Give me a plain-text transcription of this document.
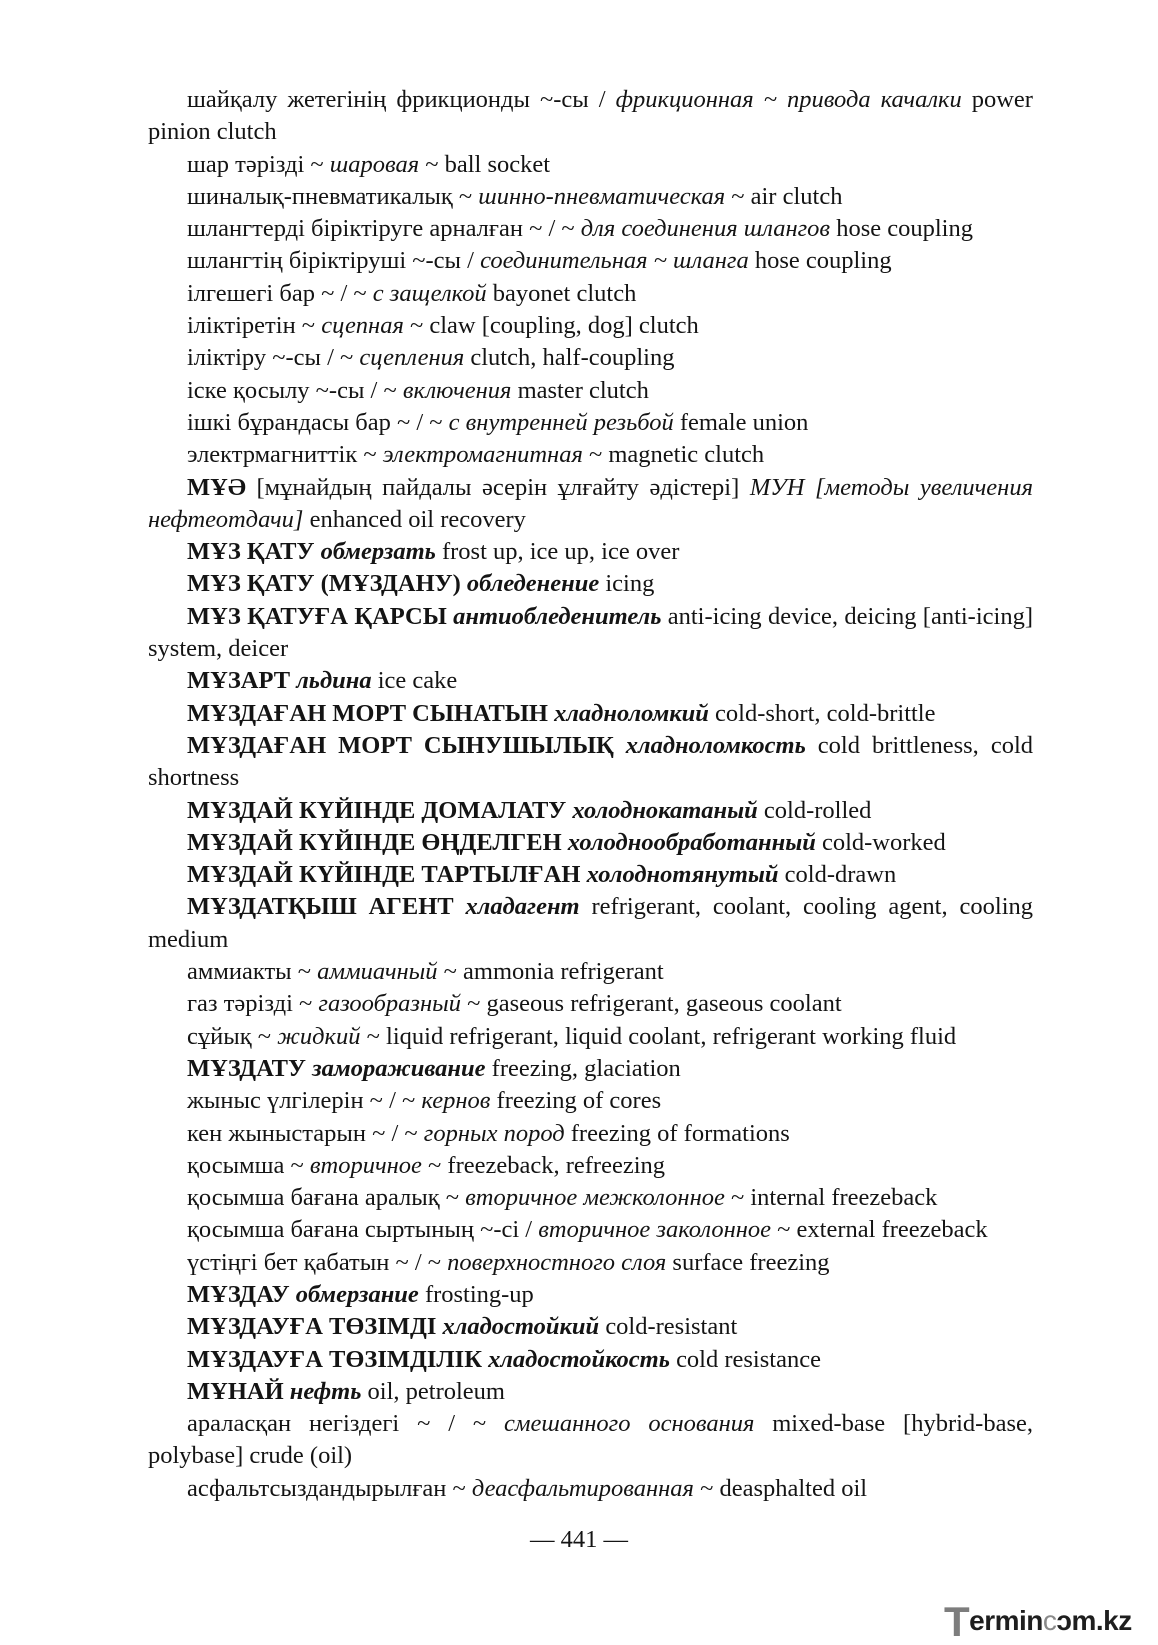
шайқалу жетегінің фрикционды ~-сы / фрикционная ~ привода качалки power pinion clutch

шар тәрізді ~ шаровая ~ ball socket

шиналық-пневматикалық ~ шинно-пневматическая ~ air clutch

шлангтерді біріктіруге арналған ~ / ~ для соединения шлангов hose coupling

шлангтің біріктіруші ~-сы / соединительная ~ шланга hose coupling

ілгешегі бар ~ / ~ с защелкой bayonet clutch

іліктіретін ~ сцепная ~ claw [coupling, dog] clutch

іліктіру ~-сы / ~ сцепления clutch, half-coupling

іске қосылу ~-сы / ~ включения master clutch

ішкі бұрандасы бар ~ / ~ с внутренней резьбой female union

электрмагниттік ~ электромагнитная ~ magnetic clutch

МҰӘ [мұнайдың пайдалы әсерін ұлғайту әдістері] МУН [методы увеличения нефтеотдачи] enhanced oil recovery

МҰЗ ҚАТУ обмерзать frost up, ice up, ice over

МҰЗ ҚАТУ (МҰЗДАНУ) обледенение icing

МҰЗ ҚАТУҒА ҚАРСЫ антиобледенитель anti-icing device, deicing [anti-icing] system, deicer

МҰЗАРТ льдина ice cake

МҰЗДАҒАН МОРТ СЫНАТЫН хладноломкий cold-short, cold-brittle

МҰЗДАҒАН МОРТ СЫНУШЫЛЫҚ хладноломкость cold brittleness, cold shortness

МҰЗДАЙ КҮЙІНДЕ ДОМАЛАТУ холоднокатаный cold-rolled

МҰЗДАЙ КҮЙІНДЕ ӨҢДЕЛГЕН холоднообработанный cold-worked

МҰЗДАЙ КҮЙІНДЕ ТАРТЫЛҒАН холоднотянутый cold-drawn

МҰЗДАТҚЫШ АГЕНТ хладагент refrigerant, coolant, cooling agent, cooling medium

аммиакты ~ аммиачный ~ ammonia refrigerant

газ тәрізді ~ газообразный ~ gaseous refrigerant, gaseous coolant

сұйық ~ жидкий ~ liquid refrigerant, liquid coolant, refrigerant working fluid

МҰЗДАТУ замораживание freezing, glaciation

жыныс үлгілерін ~ / ~ кернов freezing of cores

кен жыныстарын ~ / ~ горных пород freezing of formations

қосымша ~ вторичное ~ freezeback, refreezing

қосымша бағана аралық ~ вторичное межколонное ~ internal freezeback

қосымша бағана сыртының ~-сі / вторичное заколонное ~ external freezeback

үстіңгі бет қабатын ~ / ~ поверхностного слоя surface freezing

МҰЗДАУ обмерзание frosting-up

МҰЗДАУҒА ТӨЗІМДІ хладостойкий cold-resistant

МҰЗДАУҒА ТӨЗІМДІЛІК хладостойкость cold resistance

МҰНАЙ нефть oil, petroleum

араласқан негіздегі ~ / ~ смешанного основания mixed-base [hybrid-base, polybase] crude (oil)

асфальтсыздандырылған ~ деасфальтированная ~ deasphalted oil

— 441 —
Termincɔm.kz
